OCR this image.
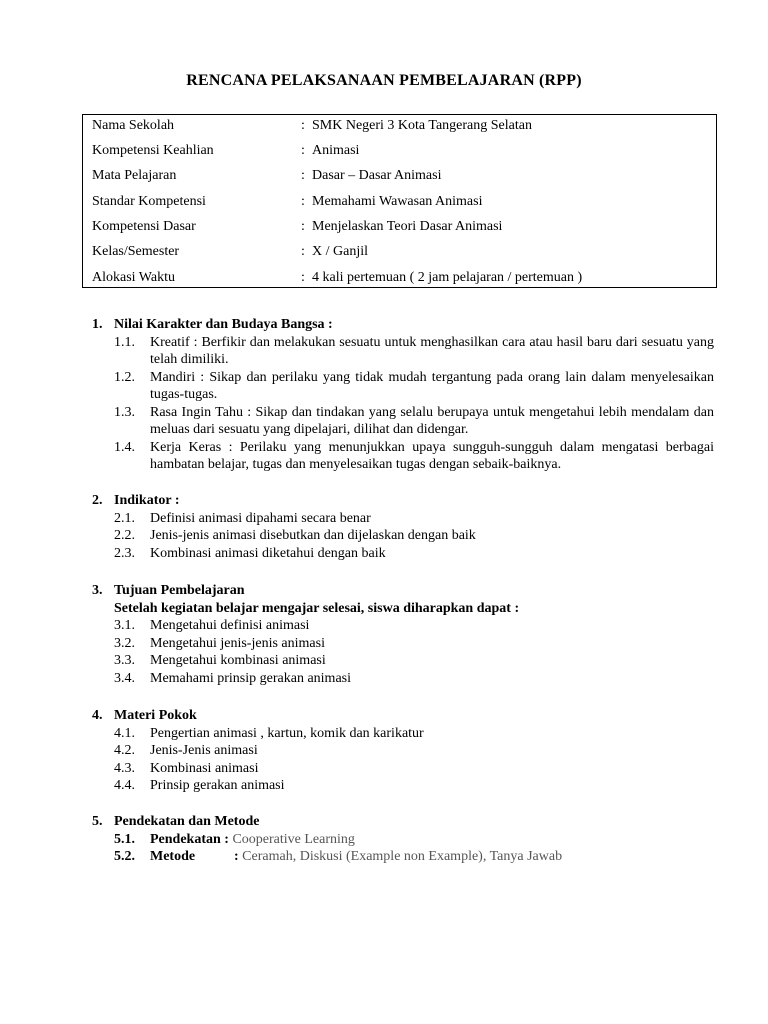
RENCANA PELAKSANAAN PEMBELAJARAN (RPP)
Nama Sekolah	: SMK Negeri 3 Kota Tangerang Selatan
Kompetensi Keahlian	: Animasi
Mata Pelajaran	: Dasar – Dasar Animasi
Standar Kompetensi	: Memahami Wawasan Animasi
Kompetensi Dasar	: Menjelaskan Teori Dasar Animasi
Kelas/Semester	: X / Ganjil
Alokasi Waktu	: 4 kali pertemuan ( 2 jam pelajaran / pertemuan )
1. Nilai Karakter dan Budaya Bangsa :
1.1. Kreatif : Berfikir dan melakukan sesuatu untuk menghasilkan cara atau hasil baru dari sesuatu yang telah dimiliki.
1.2. Mandiri : Sikap dan perilaku yang tidak mudah tergantung pada orang lain dalam menyelesaikan tugas-tugas.
1.3. Rasa Ingin Tahu : Sikap dan tindakan yang selalu berupaya untuk mengetahui lebih mendalam dan meluas dari sesuatu yang dipelajari, dilihat dan didengar.
1.4. Kerja Keras : Perilaku yang menunjukkan upaya sungguh-sungguh dalam mengatasi berbagai hambatan belajar, tugas dan menyelesaikan tugas dengan sebaik-baiknya.
2. Indikator :
2.1. Definisi animasi dipahami secara benar
2.2. Jenis-jenis animasi disebutkan dan dijelaskan dengan baik
2.3. Kombinasi animasi diketahui dengan baik
3. Tujuan Pembelajaran
Setelah kegiatan belajar mengajar selesai, siswa diharapkan dapat :
3.1. Mengetahui definisi animasi
3.2. Mengetahui jenis-jenis animasi
3.3. Mengetahui kombinasi animasi
3.4. Memahami prinsip gerakan animasi
4. Materi Pokok
4.1. Pengertian animasi , kartun, komik dan karikatur
4.2. Jenis-Jenis animasi
4.3. Kombinasi animasi
4.4. Prinsip gerakan animasi
5. Pendekatan dan Metode
5.1. Pendekatan : Cooperative Learning
5.2. Metode	: Ceramah, Diskusi (Example non Example), Tanya Jawab
